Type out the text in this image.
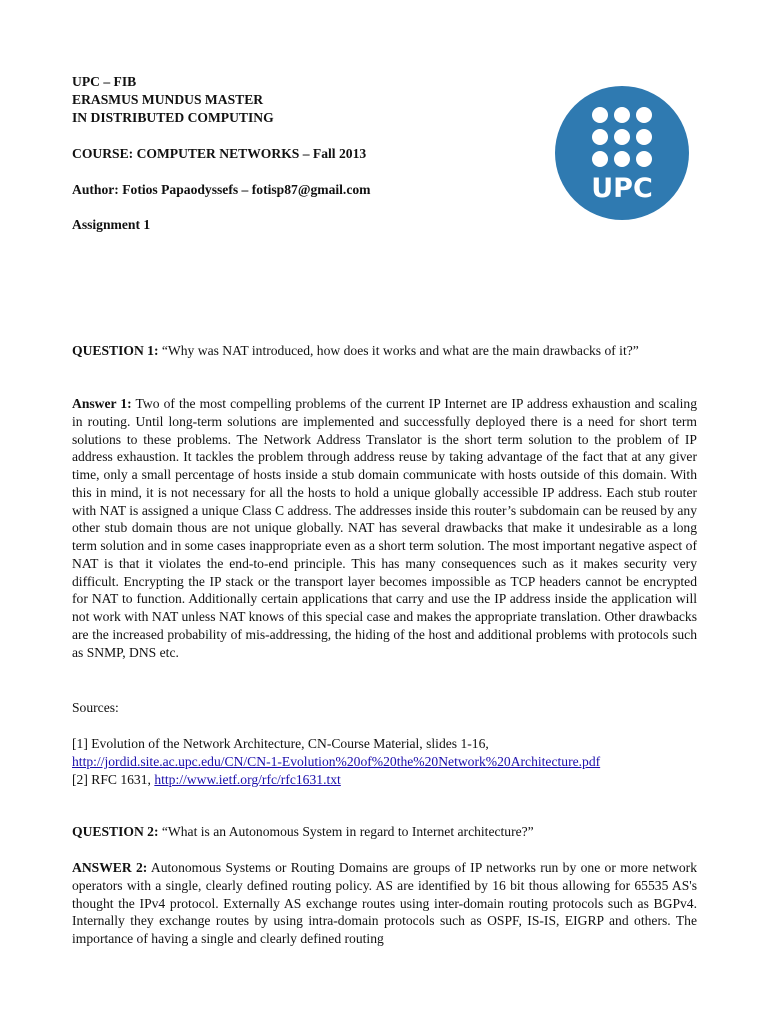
UPC – FIB
ERASMUS MUNDUS MASTER
IN DISTRIBUTED COMPUTING
COURSE: COMPUTER NETWORKS – Fall 2013
Author: Fotios Papaodyssefs – fotisp87@gmail.com
Assignment 1
UPC
QUESTION 1: “Why was NAT introduced, how does it works and what are the main drawbacks of it?”
Answer 1: Two of the most compelling problems of the current IP Internet are IP address exhaustion and scaling in routing. Until long-term solutions are implemented and successfully deployed there is a need for short term solutions to these problems. The Network Address Translator is the short term solution to the problem of IP address exhaustion. It tackles the problem through address reuse by taking advantage of the fact that at any giver time, only a small percentage of hosts inside a stub domain communicate with hosts outside of this domain. With this in mind, it is not necessary for all the hosts to hold a unique globally accessible IP address. Each stub router with NAT is assigned a unique Class C address. The addresses inside this router’s subdomain can be reused by any other stub domain thous are not unique globally. NAT has several drawbacks that make it undesirable as a long term solution and in some cases inappropriate even as a short term solution. The most important negative aspect of NAT is that it violates the end-to-end principle. This has many consequences such as it makes security very difficult. Encrypting the IP stack or the transport layer becomes impossible as TCP headers cannot be encrypted for NAT to function. Additionally certain applications that carry and use the IP address inside the application will not work with NAT unless NAT knows of this special case and makes the appropriate translation. Other drawbacks are the increased probability of mis-addressing, the hiding of the host and additional problems with protocols such as SNMP, DNS etc.
Sources:
[1] Evolution of the Network Architecture, CN-Course Material, slides 1-16,
http://jordid.site.ac.upc.edu/CN/CN-1-Evolution%20of%20the%20Network%20Architecture.pdf
[2] RFC 1631, http://www.ietf.org/rfc/rfc1631.txt
QUESTION 2: “What is an Autonomous System in regard to Internet architecture?”
ANSWER 2: Autonomous Systems or Routing Domains are groups of IP networks run by one or more network operators with a single, clearly defined routing policy. AS are identified by 16 bit thous allowing for 65535 AS's thought the IPv4 protocol. Externally AS exchange routes using inter-domain routing protocols such as BGPv4. Internally they exchange routes by using intra-domain protocols such as OSPF, IS-IS, EIGRP and others. The importance of having a single and clearly defined routing
